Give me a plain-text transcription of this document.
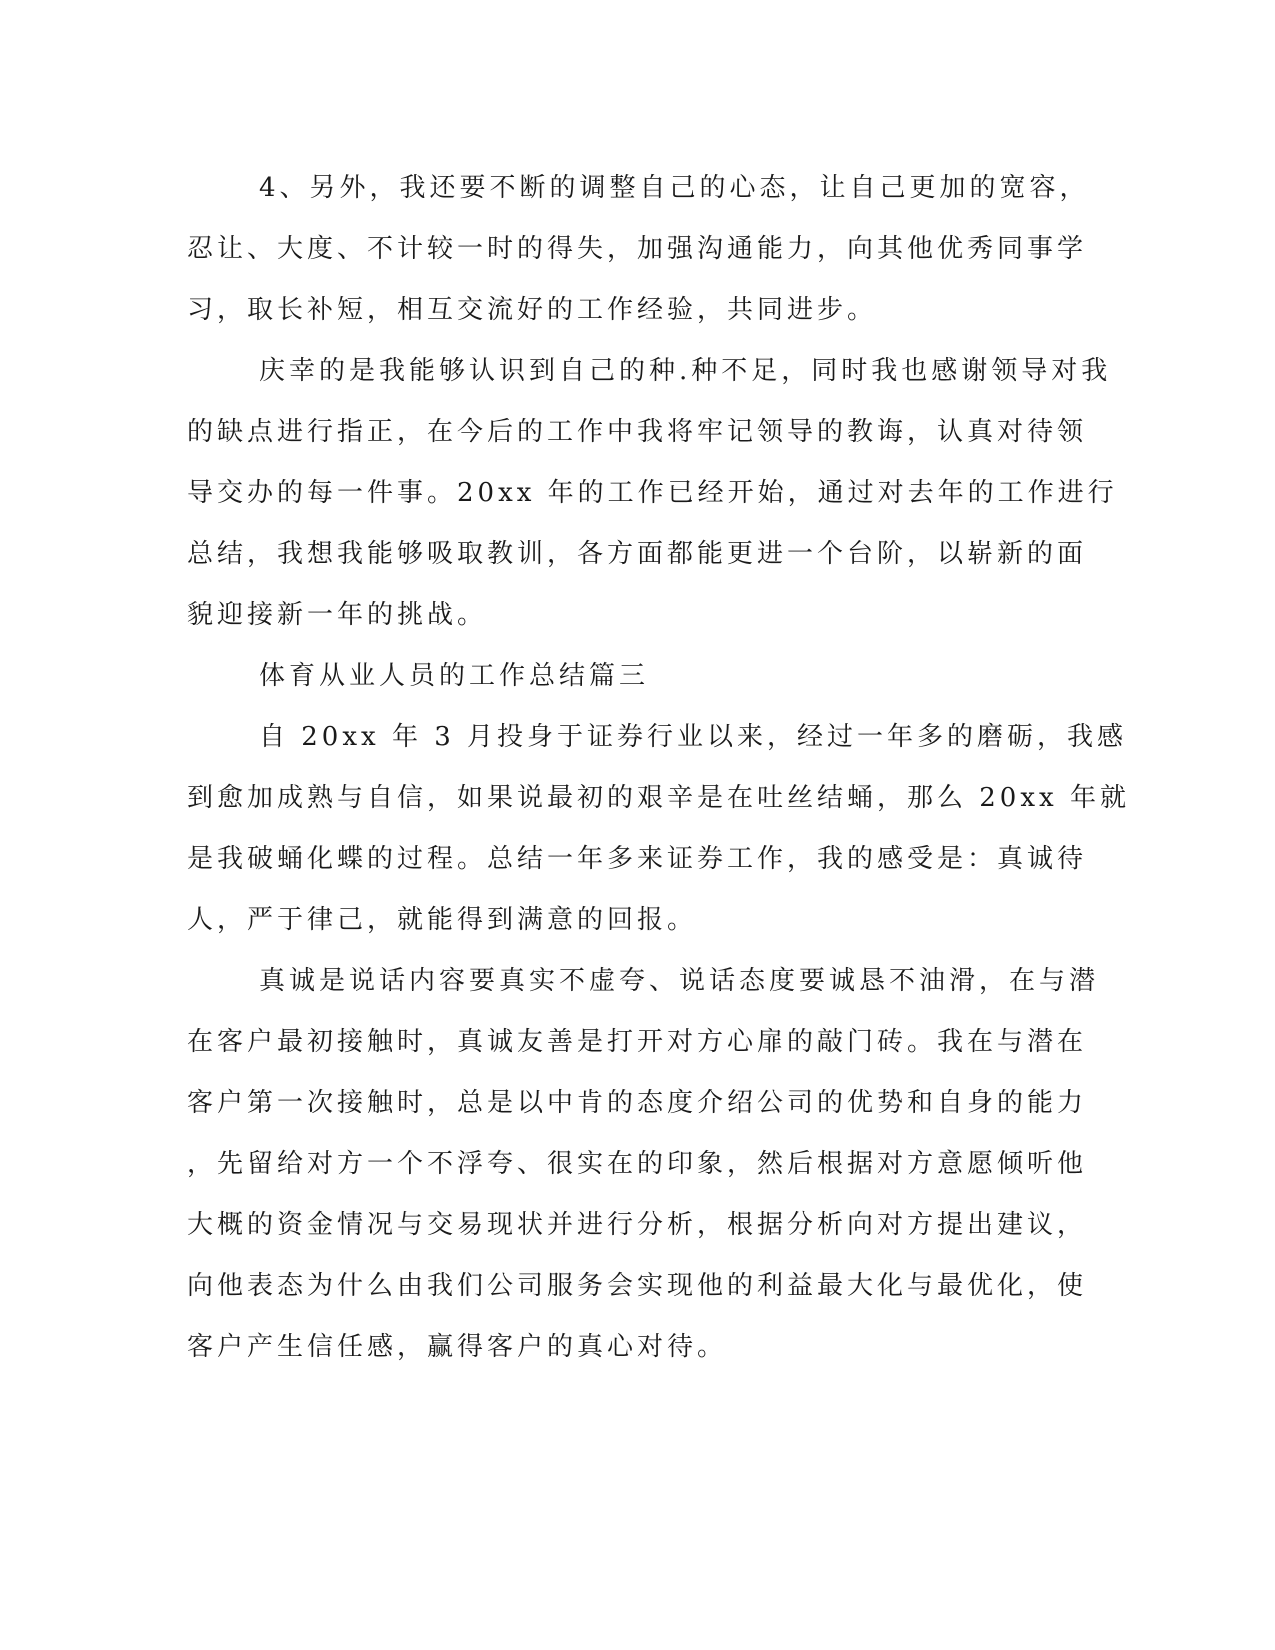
4、另外，我还要不断的调整自己的心态，让自己更加的宽容，
忍让、大度、不计较一时的得失，加强沟通能力，向其他优秀同事学
习，取长补短，相互交流好的工作经验，共同进步。
庆幸的是我能够认识到自己的种.种不足，同时我也感谢领导对我
的缺点进行指正，在今后的工作中我将牢记领导的教诲，认真对待领
导交办的每一件事。20xx 年的工作已经开始，通过对去年的工作进行
总结，我想我能够吸取教训，各方面都能更进一个台阶，以崭新的面
貌迎接新一年的挑战。
体育从业人员的工作总结篇三
自 20xx 年 3 月投身于证券行业以来，经过一年多的磨砺，我感
到愈加成熟与自信，如果说最初的艰辛是在吐丝结蛹，那么 20xx 年就
是我破蛹化蝶的过程。总结一年多来证券工作，我的感受是：真诚待
人，严于律己，就能得到满意的回报。
真诚是说话内容要真实不虚夸、说话态度要诚恳不油滑，在与潜
在客户最初接触时，真诚友善是打开对方心扉的敲门砖。我在与潜在
客户第一次接触时，总是以中肯的态度介绍公司的优势和自身的能力
，先留给对方一个不浮夸、很实在的印象，然后根据对方意愿倾听他
大概的资金情况与交易现状并进行分析，根据分析向对方提出建议，
向他表态为什么由我们公司服务会实现他的利益最大化与最优化，使
客户产生信任感，赢得客户的真心对待。
